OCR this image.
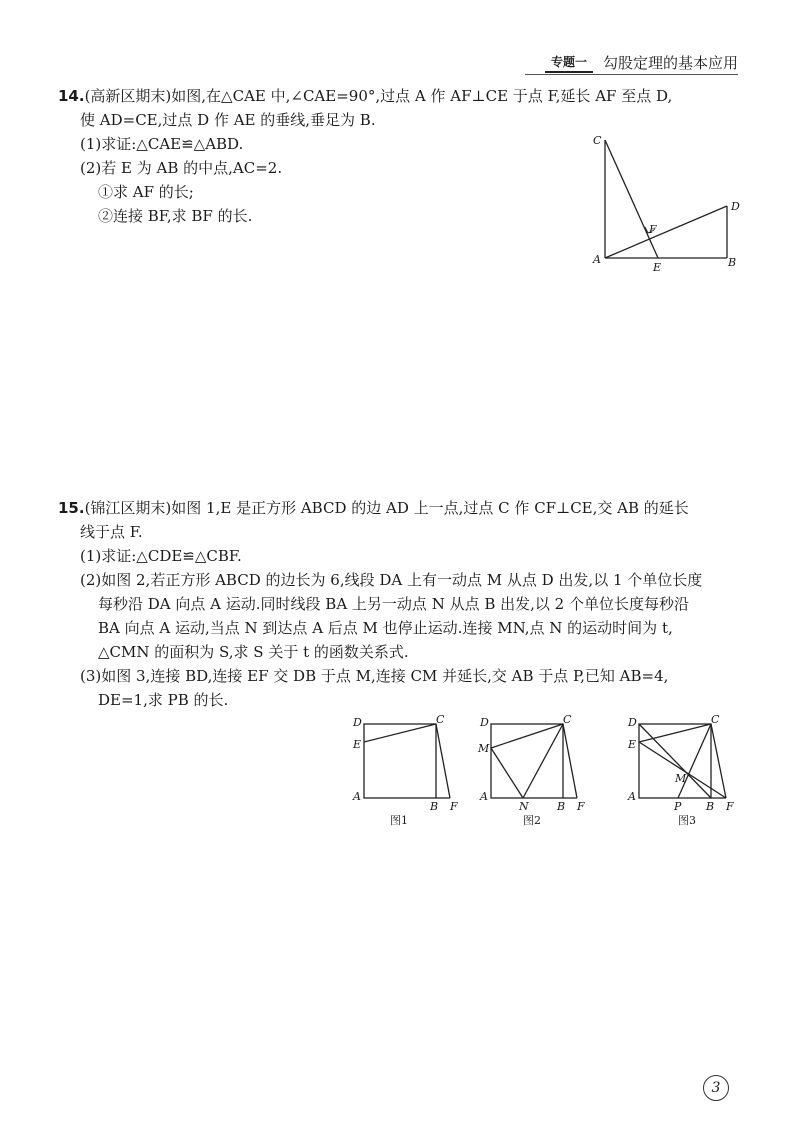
专题一	勾股定理的基本应用
14.(高新区期末)如图,在△CAE 中,∠CAE=90°,过点 A 作 AF⊥CE 于点 F,延长 AF 至点 D,
使 AD=CE,过点 D 作 AE 的垂线,垂足为 B.
(1)求证:△CAE≌△ABD.
(2)若 E 为 AB 的中点,AC=2.
①求 AF 的长;
②连接 BF,求 BF 的长.
C
D
F
A
E	B
15.(锦江区期末)如图 1,E 是正方形 ABCD 的边 AD 上一点,过点 C 作 CF⊥CE,交 AB 的延长
线于点 F.
(1)求证:△CDE≌△CBF.
(2)如图 2,若正方形 ABCD 的边长为 6,线段 DA 上有一动点 M 从点 D 出发,以 1 个单位长度
每秒沿 DA 向点 A 运动.同时线段 BA 上另一动点 N 从点 B 出发,以 2 个单位长度每秒沿
BA 向点 A 运动,当点 N 到达点 A 后点 M 也停止运动.连接 MN,点 N 的运动时间为 t,
△CMN 的面积为 S,求 S 关于 t 的函数关系式.
(3)如图 3,连接 BD,连接 EF 交 DB 于点 M,连接 CM 并延长,交 AB 于点 P,已知 AB=4,
DE=1,求 PB 的长.
D	C
E
A
B F
图1
D	C
M
A
N	B F
图2
D	C
E
M
A
P B F
图3
3
